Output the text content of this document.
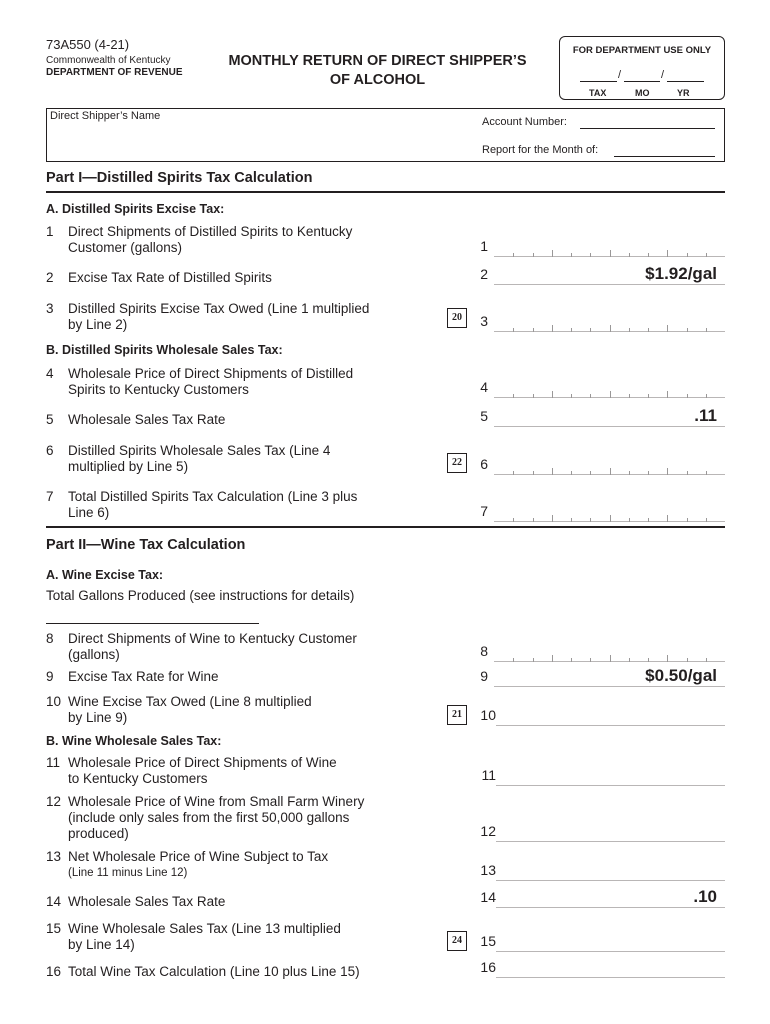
73A550 (4-21)
Commonwealth of Kentucky
DEPARTMENT OF REVENUE
MONTHLY RETURN OF DIRECT SHIPPER’S
OF ALCOHOL
FOR DEPARTMENT USE ONLY
/	/
TAX	MO	YR
Direct Shipper’s Name	Account Number:
Report for the Month of:
Part I—Distilled Spirits Tax Calculation
A. Distilled Spirits Excise Tax:
B. Distilled Spirits Wholesale Sales Tax:
1 Direct Shipments of Distilled Spirits to Kentucky
Customer (gallons)	1
2 Excise Tax Rate of Distilled Spirits	2	$1.92/gal
3 Distilled Spirits Excise Tax Owed (Line 1 multiplied
by Line 2)	20	3
4 Wholesale Price of Direct Shipments of Distilled
Spirits to Kentucky Customers	4
5 Wholesale Sales Tax Rate	5	.11
6 Distilled Spirits Wholesale Sales Tax (Line 4
multiplied by Line 5)	22	6
7 Total Distilled Spirits Tax Calculation (Line 3 plus
Line 6)	7
Part II—Wine Tax Calculation
A. Wine Excise Tax:
Total Gallons Produced (see instructions for details)
B. Wine Wholesale Sales Tax:
8 Direct Shipments of Wine to Kentucky Customer
(gallons)	8
9 Excise Tax Rate for Wine	9	$0.50/gal
10 Wine Excise Tax Owed (Line 8 multiplied
by Line 9)	21	10
11 Wholesale Price of Direct Shipments of Wine
to Kentucky Customers	11
12 Wholesale Price of Wine from Small Farm Winery
(include only sales from the first 50,000 gallons
produced)	12
13 Net Wholesale Price of Wine Subject to Tax
(Line 11 minus Line 12)	13
14 Wholesale Sales Tax Rate	14	.10
15 Wine Wholesale Sales Tax (Line 13 multiplied
by Line 14)	24	15
16 Total Wine Tax Calculation (Line 10 plus Line 15)	16
